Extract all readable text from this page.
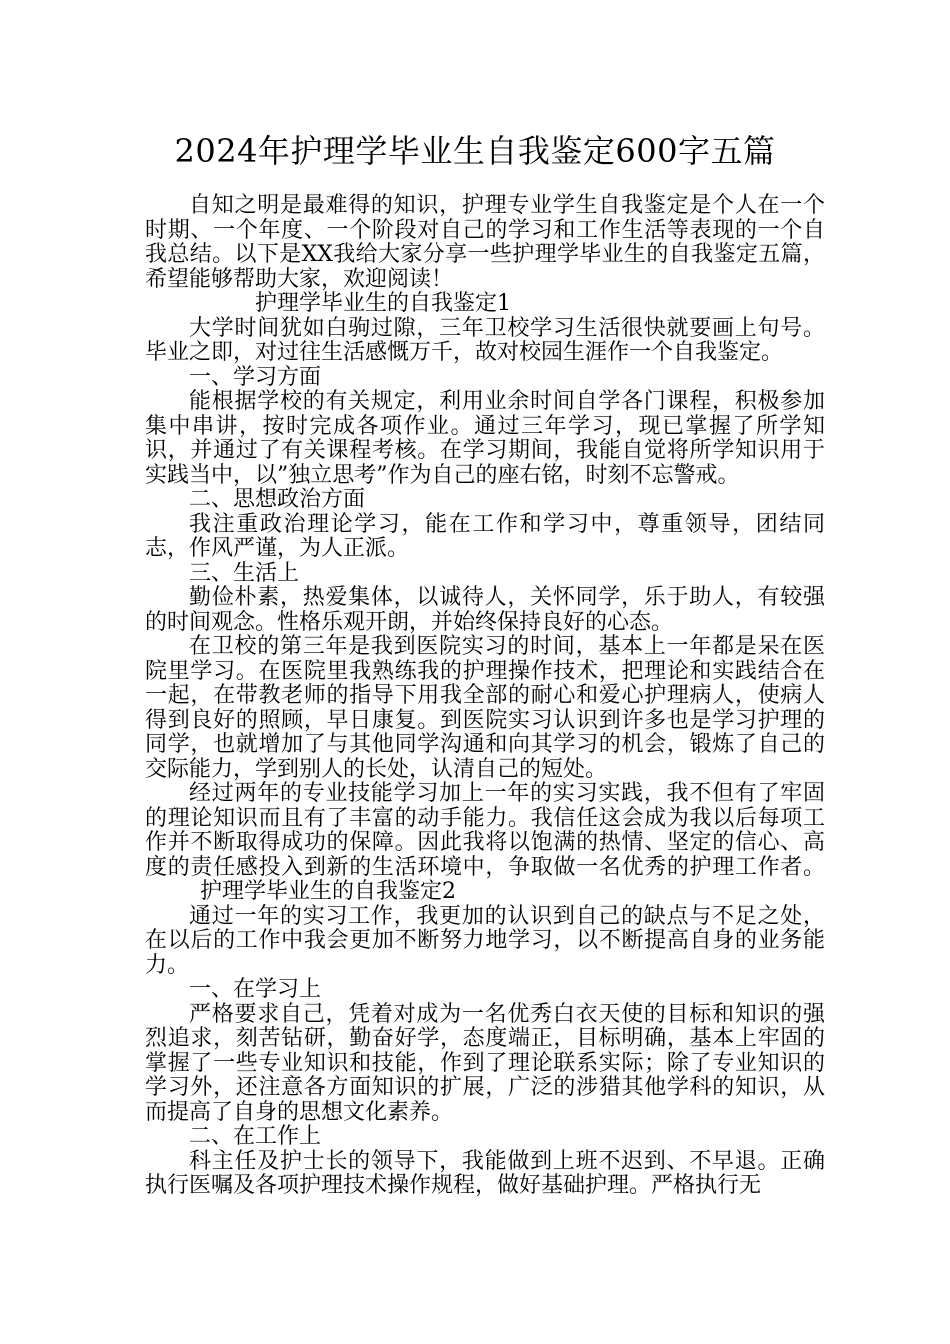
2024年护理学毕业生自我鉴定600字五篇

自知之明是最难得的知识，护理专业学生自我鉴定是个人在一个时期、一个年度、一个阶段对自己的学习和工作生活等表现的一个自我总结。以下是XX我给大家分享一些护理学毕业生的自我鉴定五篇，希望能够帮助大家，欢迎阅读！

护理学毕业生的自我鉴定1

大学时间犹如白驹过隙，三年卫校学习生活很快就要画上句号。毕业之即，对过往生活感慨万千，故对校园生涯作一个自我鉴定。

一、学习方面

能根据学校的有关规定，利用业余时间自学各门课程，积极参加集中串讲，按时完成各项作业。通过三年学习，现已掌握了所学知识，并通过了有关课程考核。在学习期间，我能自觉将所学知识用于实践当中，以”独立思考”作为自己的座右铭，时刻不忘警戒。

二、思想政治方面

我注重政治理论学习，能在工作和学习中，尊重领导，团结同志，作风严谨，为人正派。

三、生活上

勤俭朴素，热爱集体，以诚待人，关怀同学，乐于助人，有较强的时间观念。性格乐观开朗，并始终保持良好的心态。

在卫校的第三年是我到医院实习的时间，基本上一年都是呆在医院里学习。在医院里我熟练我的护理操作技术，把理论和实践结合在一起，在带教老师的指导下用我全部的耐心和爱心护理病人，使病人得到良好的照顾，早日康复。到医院实习认识到许多也是学习护理的同学，也就增加了与其他同学沟通和向其学习的机会，锻炼了自己的交际能力，学到别人的长处，认清自己的短处。

经过两年的专业技能学习加上一年的实习实践，我不但有了牢固的理论知识而且有了丰富的动手能力。我信任这会成为我以后每项工作并不断取得成功的保障。因此我将以饱满的热情、坚定的信心、高度的责任感投入到新的生活环境中，争取做一名优秀的护理工作者。护理学毕业生的自我鉴定2

通过一年的实习工作，我更加的认识到自己的缺点与不足之处，在以后的工作中我会更加不断努力地学习，以不断提高自身的业务能力。

一、在学习上

严格要求自己，凭着对成为一名优秀白衣天使的目标和知识的强烈追求，刻苦钻研，勤奋好学，态度端正，目标明确，基本上牢固的掌握了一些专业知识和技能，作到了理论联系实际；除了专业知识的学习外，还注意各方面知识的扩展，广泛的涉猎其他学科的知识，从而提高了自身的思想文化素养。

二、在工作上

科主任及护士长的领导下，我能做到上班不迟到、不早退。正确执行医嘱及各项护理技术操作规程，做好基础护理。严格执行无
